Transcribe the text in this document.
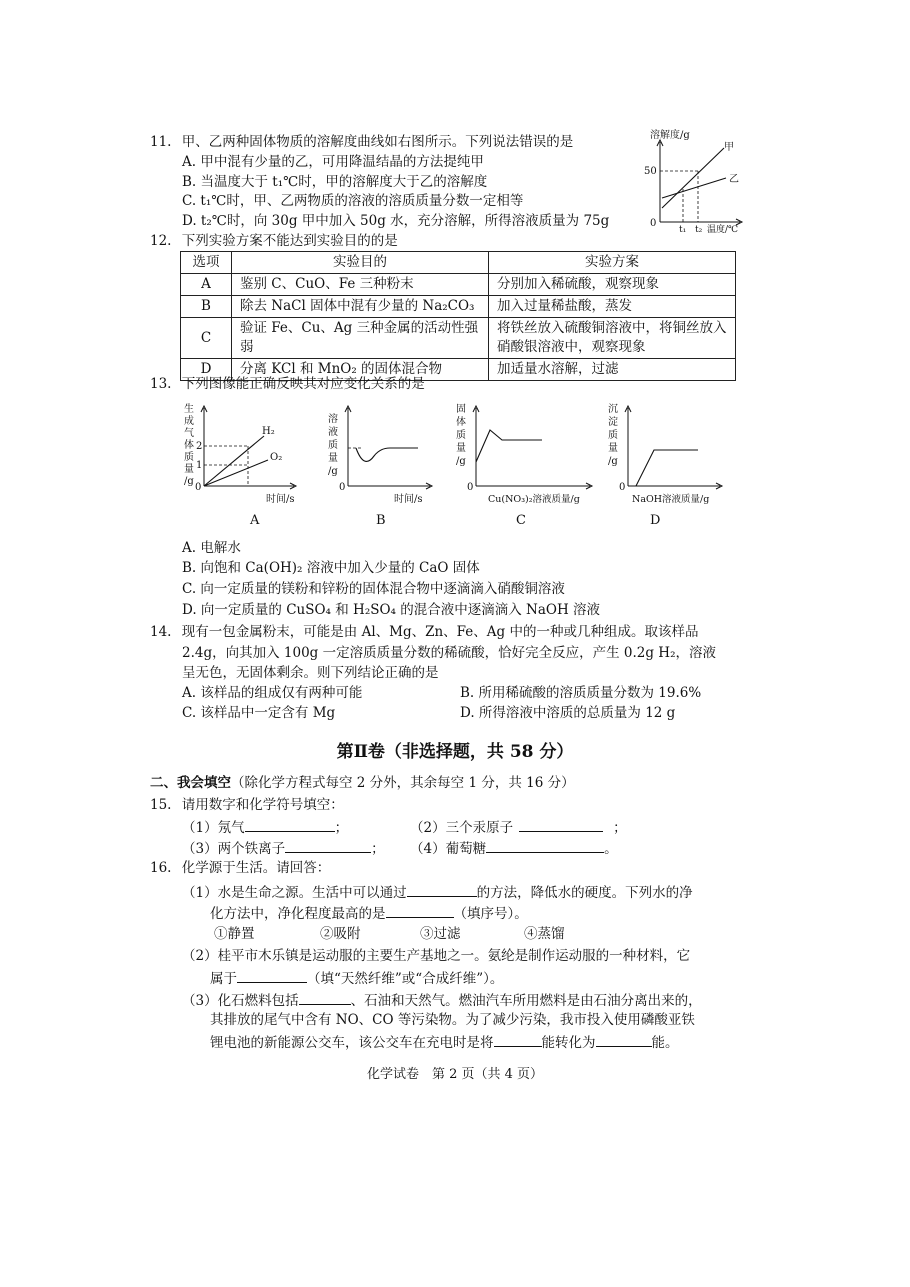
11. 甲、乙两种固体物质的溶解度曲线如右图所示。下列说法错误的是
A. 甲中混有少量的乙，可用降温结晶的方法提纯甲
B. 当温度大于 t₁℃时，甲的溶解度大于乙的溶解度
C. t₁℃时，甲、乙两物质的溶液的溶质质量分数一定相等
D. t₂℃时，向 30g 甲中加入 50g 水，充分溶解，所得溶液质量为 75g
溶解度/g
0
50
甲
乙
t₁ t₂ 温度/℃
12. 下列实验方案不能达到实验目的的是
选项	实验目的	实验方案
A	鉴别 C、CuO、Fe 三种粉末	分别加入稀硫酸，观察现象
B	除去 NaCl 固体中混有少量的 Na₂CO₃	加入过量稀盐酸，蒸发
C	验证 Fe、Cu、Ag 三种金属的活动性强弱	将铁丝放入硫酸铜溶液中，将铜丝放入硝酸银溶液中，观察现象
D	分离 KCl 和 MnO₂ 的固体混合物	加适量水溶解，过滤
13. 下列图像能正确反映其对应变化关系的是
生
成
气
体
质
量
/g
0
2
1
H₂
O₂
时间/s
A
溶
液
质
量
/g
0
时间/s
B
固
体
质
量
/g
0
Cu(NO₃)₂溶液质量/g
C
沉
淀
质
量
/g
0
NaOH溶液质量/g
D
A. 电解水
B. 向饱和 Ca(OH)₂ 溶液中加入少量的 CaO 固体
C. 向一定质量的镁粉和锌粉的固体混合物中逐滴滴入硝酸铜溶液
D. 向一定质量的 CuSO₄ 和 H₂SO₄ 的混合液中逐滴滴入 NaOH 溶液
14. 现有一包金属粉末，可能是由 Al、Mg、Zn、Fe、Ag 中的一种或几种组成。取该样品
2.4g，向其加入 100g 一定溶质质量分数的稀硫酸，恰好完全反应，产生 0.2g H₂，溶液
呈无色，无固体剩余。则下列结论正确的是
A. 该样品的组成仅有两种可能	B. 所用稀硫酸的溶质质量分数为 19.6%
C. 该样品中一定含有 Mg	D. 所得溶液中溶质的总质量为 12 g
第Ⅱ卷（非选择题，共 58 分）
二、我会填空（除化学方程式每空 2 分外，其余每空 1 分，共 16 分）
15. 请用数字和化学符号填空：
（1）氖气	；	（2）三个汞原子	；
（3）两个铁离子	； （4）葡萄糖	。
16. 化学源于生活。请回答：
（1）水是生命之源。生活中可以通过	的方法，降低水的硬度。下列水的净
化方法中，净化程度最高的是	（填序号）。
①静置	②吸附	③过滤	④蒸馏
（2）桂平市木乐镇是运动服的主要生产基地之一。氨纶是制作运动服的一种材料，它
属于	（填“天然纤维”或“合成纤维”）。
（3）化石燃料包括	、石油和天然气。燃油汽车所用燃料是由石油分离出来的，
其排放的尾气中含有 NO、CO 等污染物。为了减少污染，我市投入使用磷酸亚铁
锂电池的新能源公交车，该公交车在充电时是将	能转化为	能。
化学试卷　第 2 页（共 4 页）
